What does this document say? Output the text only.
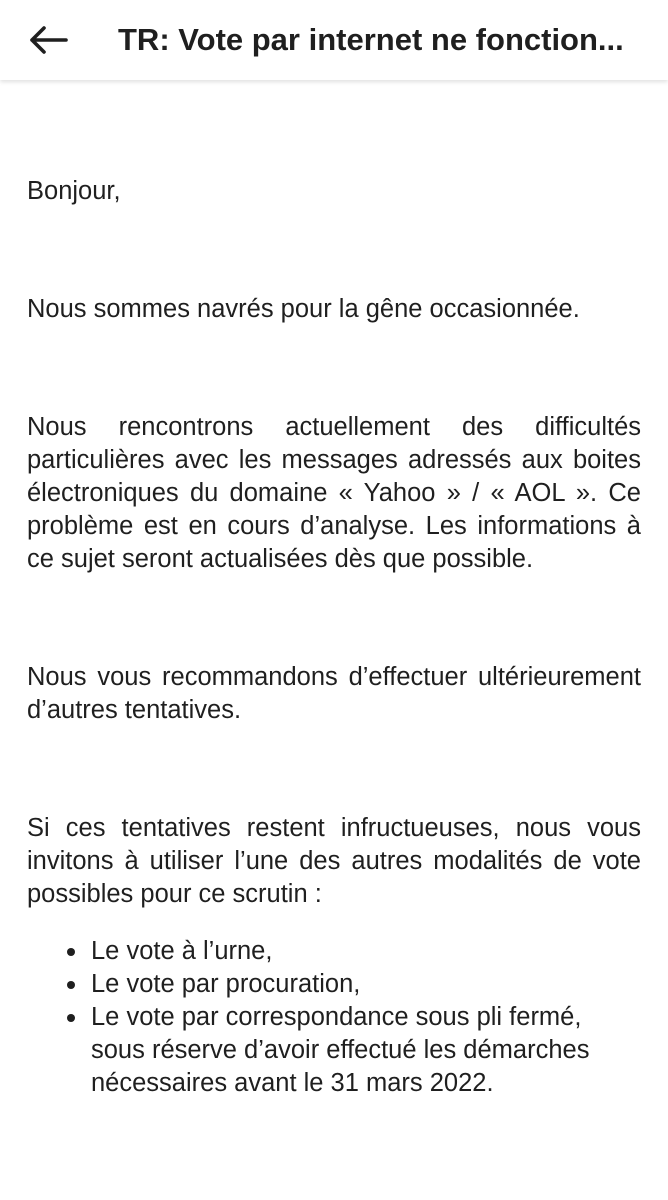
TR: Vote par internet ne fonction...

Bonjour,

Nous sommes navrés pour la gêne occasionnée.

Nous rencontrons actuellement des difficultés particulières avec les messages adressés aux boites électroniques du domaine « Yahoo » / « AOL ». Ce problème est en cours d’analyse. Les informations à ce sujet seront actualisées dès que possible.

Nous vous recommandons d’effectuer ultérieurement d’autres tentatives.

Si ces tentatives restent infructueuses, nous vous invitons à utiliser l’une des autres modalités de vote possibles pour ce scrutin :

Le vote à l’urne,
Le vote par procuration,
Le vote par correspondance sous pli fermé, sous réserve d’avoir effectué les démarches nécessaires avant le 31 mars 2022.
